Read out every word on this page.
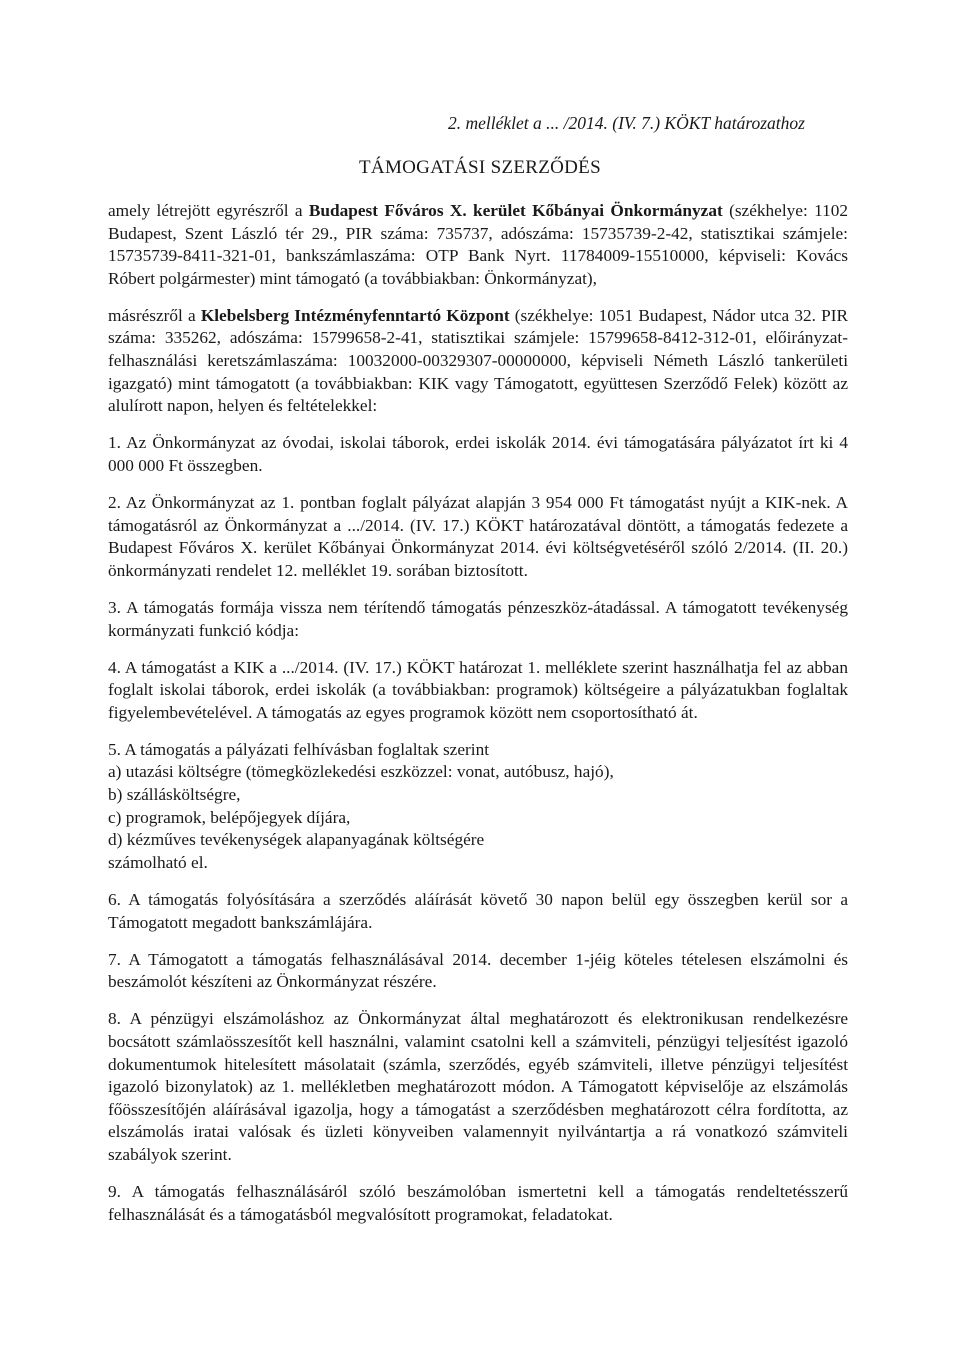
2. melléklet a ... /2014. (IV. 7.) KÖKT határozathoz
TÁMOGATÁSI SZERZŐDÉS

amely létrejött egyrészről a Budapest Főváros X. kerület Kőbányai Önkormányzat (székhelye: 1102 Budapest, Szent László tér 29., PIR száma: 735737, adószáma: 15735739-2-42, statisztikai számjele: 15735739-8411-321-01, bankszámlaszáma: OTP Bank Nyrt. 11784009-15510000, képviseli: Kovács Róbert polgármester) mint támogató (a továbbiakban: Önkormányzat),

másrészről a Klebelsberg Intézményfenntartó Központ (székhelye: 1051 Budapest, Nádor utca 32. PIR száma: 335262, adószáma: 15799658-2-41, statisztikai számjele: 15799658-8412-312-01, előirányzat-felhasználási keretszámlaszáma: 10032000-00329307-00000000, képviseli Németh László tankerületi igazgató) mint támogatott (a továbbiakban: KIK vagy Támogatott, együttesen Szerződő Felek) között az alulírott napon, helyen és feltételekkel:

1. Az Önkormányzat az óvodai, iskolai táborok, erdei iskolák 2014. évi támogatására pályázatot írt ki 4 000 000 Ft összegben.

2. Az Önkormányzat az 1. pontban foglalt pályázat alapján 3 954 000 Ft támogatást nyújt a KIK-nek. A támogatásról az Önkormányzat a .../2014. (IV. 17.) KÖKT határozatával döntött, a támogatás fedezete a Budapest Főváros X. kerület Kőbányai Önkormányzat 2014. évi költségvetéséről szóló 2/2014. (II. 20.) önkormányzati rendelet 12. melléklet 19. sorában biztosított.

3. A támogatás formája vissza nem térítendő támogatás pénzeszköz-átadással. A támogatott tevékenység kormányzati funkció kódja:

4. A támogatást a KIK a .../2014. (IV. 17.) KÖKT határozat 1. melléklete szerint használhatja fel az abban foglalt iskolai táborok, erdei iskolák (a továbbiakban: programok) költségeire a pályázatukban foglaltak figyelembevételével. A támogatás az egyes programok között nem csoportosítható át.

5. A támogatás a pályázati felhívásban foglaltak szerint
a) utazási költségre (tömegközlekedési eszközzel: vonat, autóbusz, hajó),
b) szállásköltségre,
c) programok, belépőjegyek díjára,
d) kézműves tevékenységek alapanyagának költségére
számolható el.

6. A támogatás folyósítására a szerződés aláírását követő 30 napon belül egy összegben kerül sor a Támogatott megadott bankszámlájára.

7. A Támogatott a támogatás felhasználásával 2014. december 1-jéig köteles tételesen elszámolni és beszámolót készíteni az Önkormányzat részére.

8. A pénzügyi elszámoláshoz az Önkormányzat által meghatározott és elektronikusan rendelkezésre bocsátott számlaösszesítőt kell használni, valamint csatolni kell a számviteli, pénzügyi teljesítést igazoló dokumentumok hitelesített másolatait (számla, szerződés, egyéb számviteli, illetve pénzügyi teljesítést igazoló bizonylatok) az 1. mellékletben meghatározott módon. A Támogatott képviselője az elszámolás főösszesítőjén aláírásával igazolja, hogy a támogatást a szerződésben meghatározott célra fordította, az elszámolás iratai valósak és üzleti könyveiben valamennyit nyilvántartja a rá vonatkozó számviteli szabályok szerint.

9. A támogatás felhasználásáról szóló beszámolóban ismertetni kell a támogatás rendeltetésszerű felhasználását és a támogatásból megvalósított programokat, feladatokat.
